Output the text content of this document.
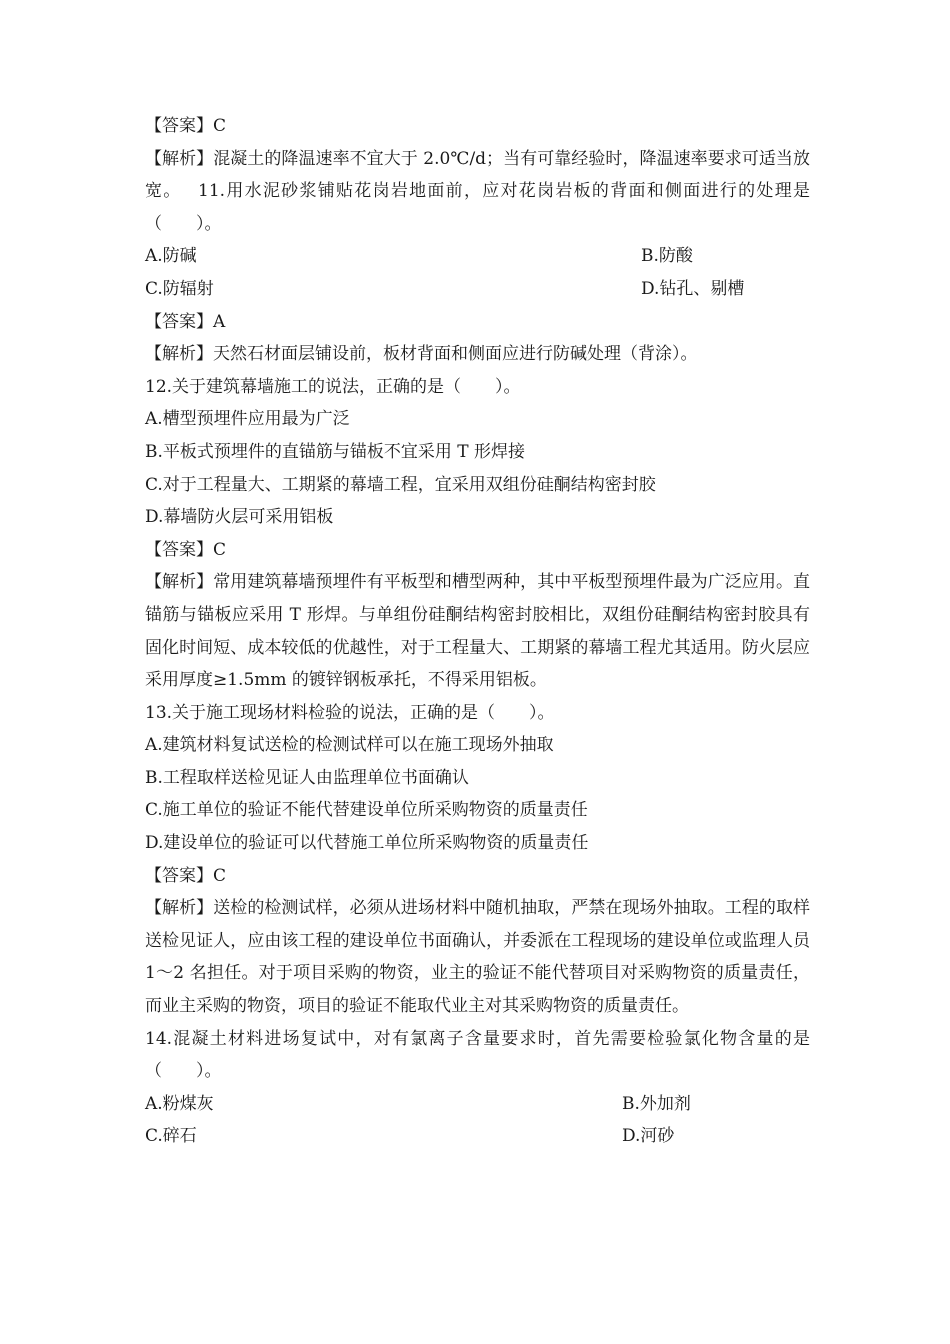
【答案】C
【解析】混凝土的降温速率不宜大于 2.0℃/d；当有可靠经验时，降温速率要求可适当放宽。　 11.用水泥砂浆铺贴花岗岩地面前，应对花岗岩板的背面和侧面进行的处理是（　　）。
A.防碱	B.防酸
C.防辐射	D.钻孔、剔槽
【答案】A
【解析】天然石材面层铺设前，板材背面和侧面应进行防碱处理（背涂）。
12.关于建筑幕墙施工的说法，正确的是（　　）。
A.槽型预埋件应用最为广泛
B.平板式预埋件的直锚筋与锚板不宜采用 T 形焊接
C.对于工程量大、工期紧的幕墙工程，宜采用双组份硅酮结构密封胶
D.幕墙防火层可采用铝板
【答案】C
【解析】常用建筑幕墙预埋件有平板型和槽型两种，其中平板型预埋件最为广泛应用。直锚筋与锚板应采用 T 形焊。与单组份硅酮结构密封胶相比，双组份硅酮结构密封胶具有固化时间短、成本较低的优越性，对于工程量大、工期紧的幕墙工程尤其适用。防火层应采用厚度≥1.5mm 的镀锌钢板承托，不得采用铝板。
13.关于施工现场材料检验的说法，正确的是（　　）。
A.建筑材料复试送检的检测试样可以在施工现场外抽取
B.工程取样送检见证人由监理单位书面确认
C.施工单位的验证不能代替建设单位所采购物资的质量责任
D.建设单位的验证可以代替施工单位所采购物资的质量责任
【答案】C
【解析】送检的检测试样，必须从进场材料中随机抽取，严禁在现场外抽取。工程的取样送检见证人，应由该工程的建设单位书面确认，并委派在工程现场的建设单位或监理人员 1～2 名担任。对于项目采购的物资，业主的验证不能代替项目对采购物资的质量责任，而业主采购的物资，项目的验证不能取代业主对其采购物资的质量责任。
14.混凝土材料进场复试中，对有氯离子含量要求时，首先需要检验氯化物含量的是（　　）。
A.粉煤灰	B.外加剂
C.碎石	D.河砂
